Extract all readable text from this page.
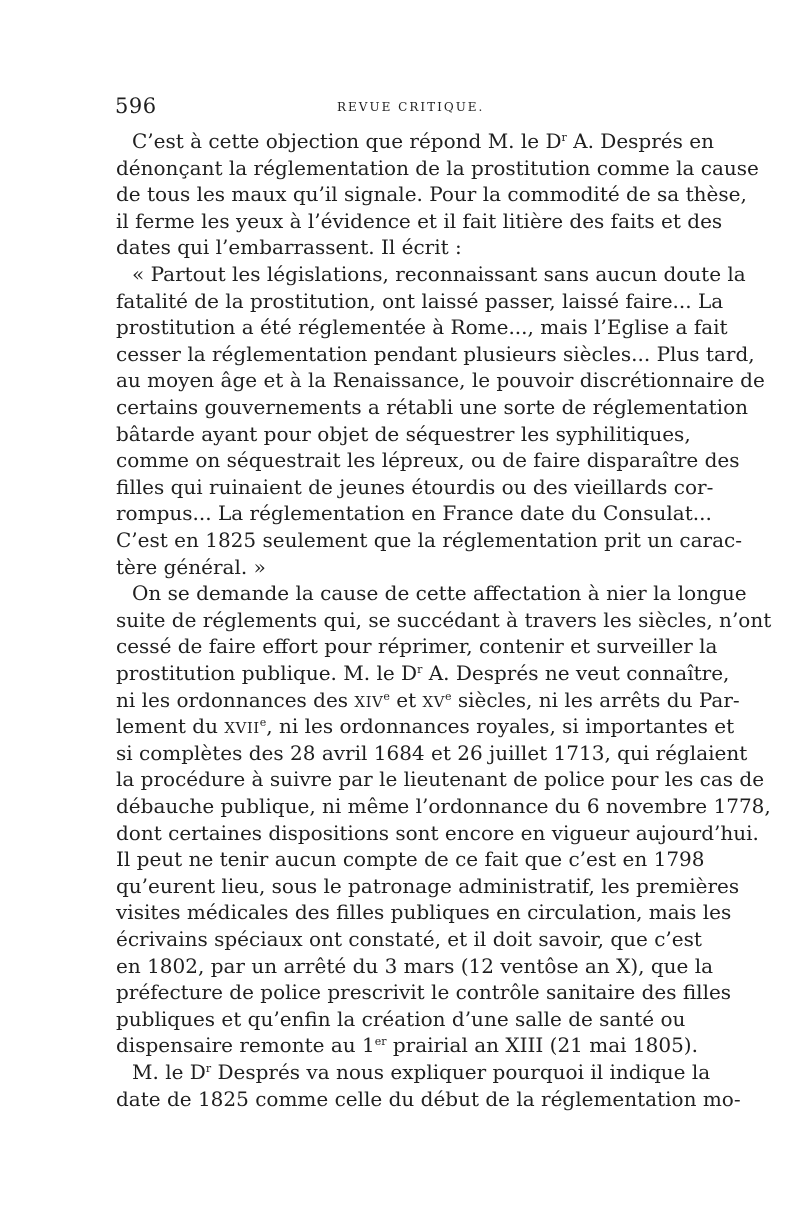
596	REVUE CRITIQUE.
C’est à cette objection que répond M. le $D^r$ A. Després en
dénonçant la réglementation de la prostitution comme la cause
de tous les maux qu’il signale. Pour la commodité de sa thèse,
il ferme les yeux à l’évidence et il fait litière des faits et des
dates qui l’embarrassent. Il écrit :
« Partout les législations, reconnaissant sans aucun doute la
fatalité de la prostitution, ont laissé passer, laissé faire... La
prostitution a été réglementée à Rome..., mais l’Eglise a fait
cesser la réglementation pendant plusieurs siècles... Plus tard,
au moyen âge et à la Renaissance, le pouvoir discrétionnaire de
certains gouvernements a rétabli une sorte de réglementation
bâtarde ayant pour objet de séquestrer les syphilitiques,
comme on séquestrait les lépreux, ou de faire disparaître des
filles qui ruinaient de jeunes étourdis ou des vieillards cor-
rompus... La réglementation en France date du Consulat...
C’est en 1825 seulement que la réglementation prit un carac-
tère général. »
On se demande la cause de cette affectation à nier la longue
suite de réglements qui, se succédant à travers les siècles, n’ont
cessé de faire effort pour réprimer, contenir et surveiller la
prostitution publique. M. le $D^r$ A. Després ne veut connaître,
ni les ordonnances des XIVe et XVe siècles, ni les arrêts du Par-
lement du XVIIe, ni les ordonnances royales, si importantes et
si complètes des 28 avril 1684 et 26 juillet 1713, qui réglaient
la procédure à suivre par le lieutenant de police pour les cas de
débauche publique, ni même l’ordonnance du 6 novembre 1778,
dont certaines dispositions sont encore en vigueur aujourd’hui.
Il peut ne tenir aucun compte de ce fait que c’est en 1798
qu’eurent lieu, sous le patronage administratif, les premières
visites médicales des filles publiques en circulation, mais les
écrivains spéciaux ont constaté, et il doit savoir, que c’est
en 1802, par un arrêté du 3 mars (12 ventôse an X), que la
préfecture de police prescrivit le contrôle sanitaire des filles
publiques et qu’enfin la création d’une salle de santé ou
dispensaire remonte au 1er prairial an XIII (21 mai 1805).
M. le $D^r$ Després va nous expliquer pourquoi il indique la
date de 1825 comme celle du début de la réglementation mo-
